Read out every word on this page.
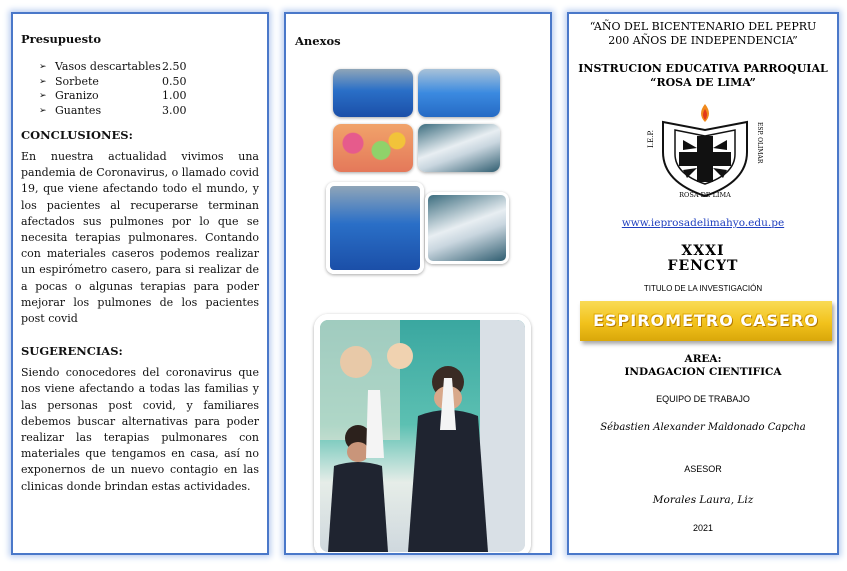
Presupuesto

➢ Vasos descartables 2.50
➢ Sorbete	0.50
➢ Granizo	1.00
➢ Guantes	3.00

CONCLUSIONES:

En nuestra actualidad vivimos una pandemia de Coronavirus, o llamado covid 19, que viene afectando todo el mundo, y los pacientes al recuperarse terminan afectados sus pulmones por lo que se necesita terapias pulmonares. Contando con materiales caseros podemos realizar un espirómetro casero, para si realizar de a pocas o algunas terapias para poder mejorar los pulmones de los pacientes post covid

SUGERENCIAS:

Siendo conocedores del coronavirus que nos viene afectando a todas las familias y las personas post covid, y familiares debemos buscar alternativas para poder realizar las terapias pulmonares con materiales que tengamos en casa, así no exponernos de un nuevo contagio en las clinicas donde brindan estas actividades.

Anexos

“AÑO DEL BICENTENARIO DEL PEPRU

200 AÑOS DE INDEPENDENCIA”

INSTRUCION EDUCATIVA PARROQUIAL

“ROSA DE LIMA”

I.E.P.	ESP. OLIMAR
ROSA DE LIMA
www.ieprosadelimahyo.edu.pe

XXXI

FENCYT

TITULO DE LA INVESTIGACIÓN

ESPIROMETRO CASERO

AREA:

INDAGACION CIENTIFICA

EQUIPO DE TRABAJO

Sébastien Alexander Maldonado Capcha

ASESOR

Morales Laura, Liz

2021
